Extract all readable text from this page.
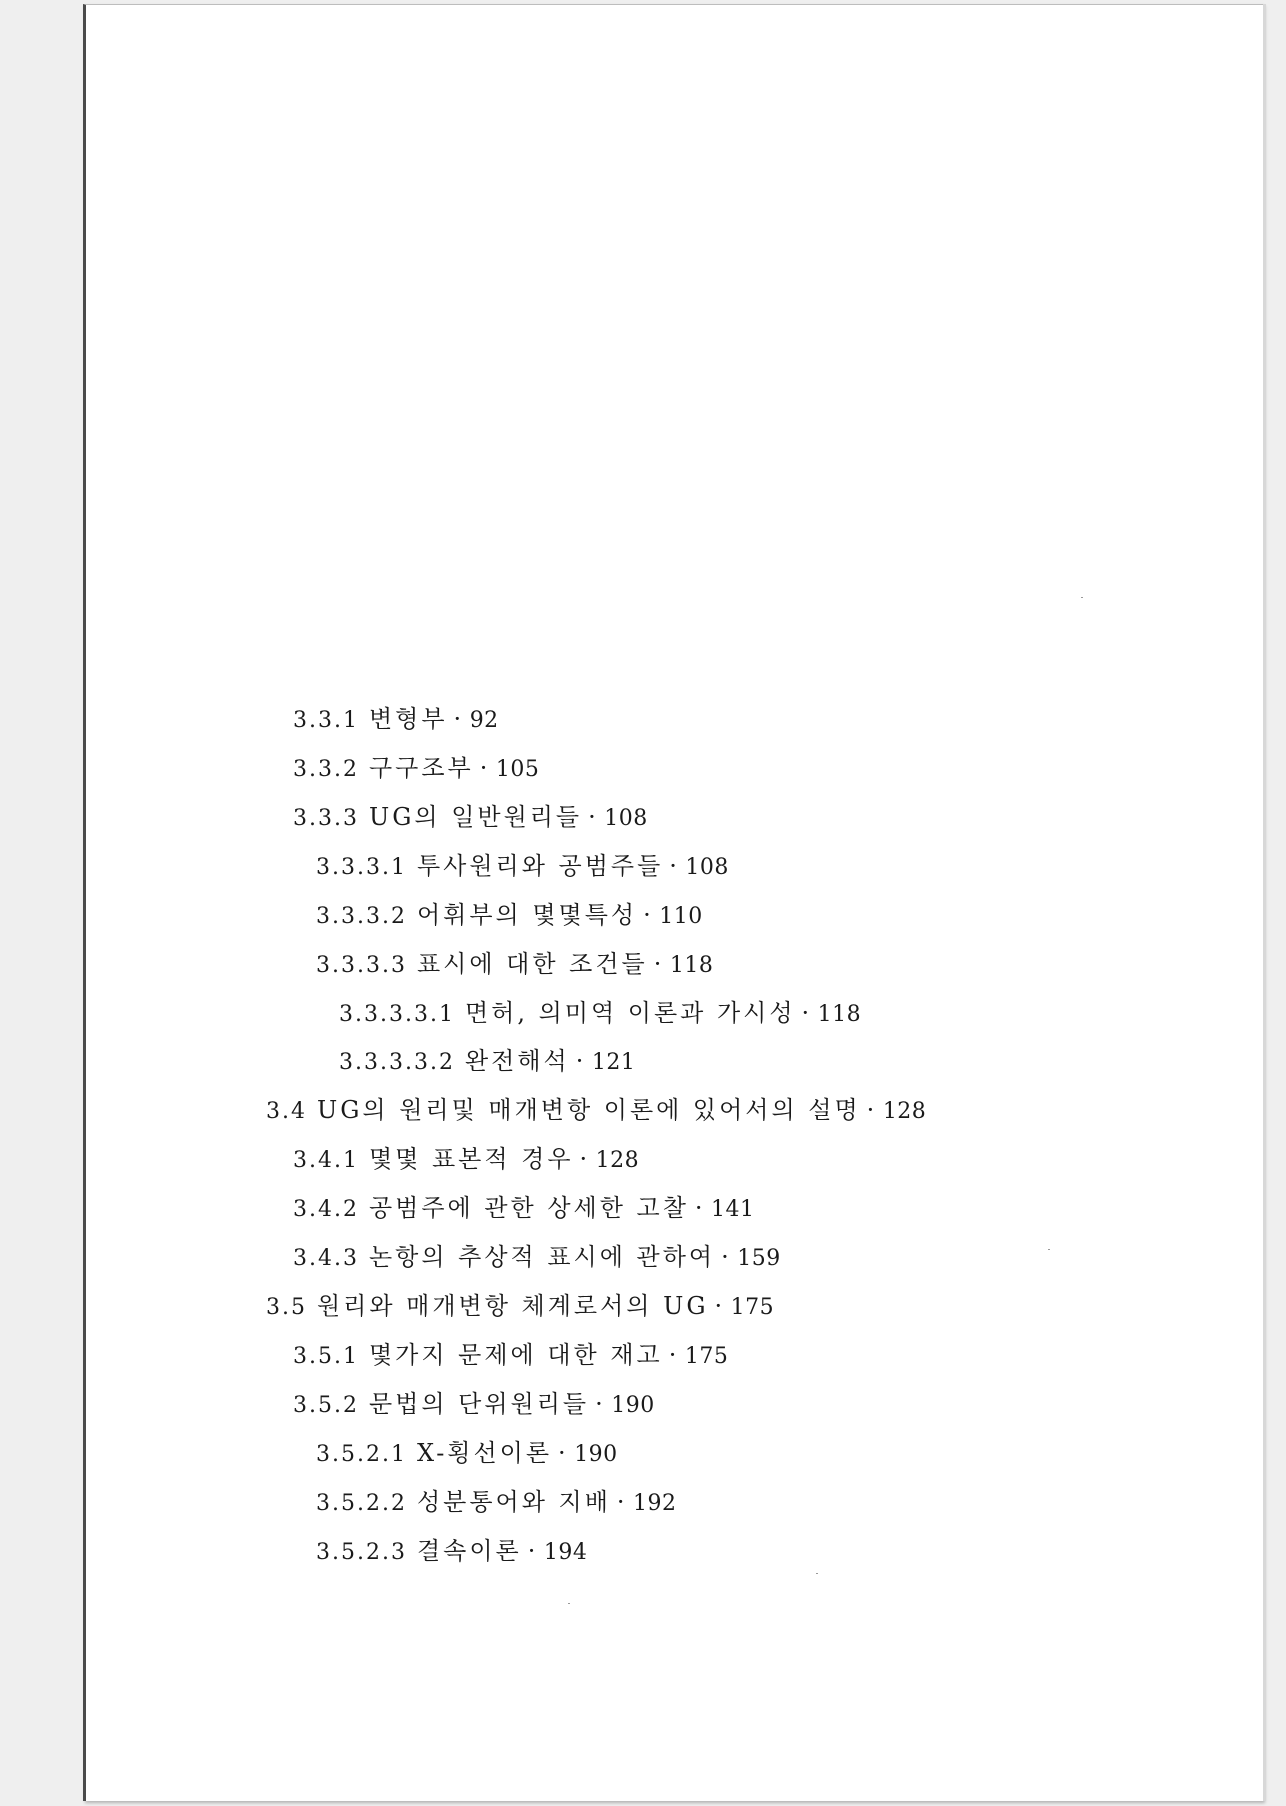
3.3.1 변형부 · 92
3.3.2 구구조부 · 105
3.3.3 UG의 일반원리들 · 108
3.3.3.1 투사원리와 공범주들 · 108
3.3.3.2 어휘부의 몇몇특성 · 110
3.3.3.3 표시에 대한 조건들 · 118
3.3.3.3.1 면허, 의미역 이론과 가시성 · 118
3.3.3.3.2 완전해석 · 121
3.4 UG의 원리및 매개변항 이론에 있어서의 설명 · 128
3.4.1 몇몇 표본적 경우 · 128
3.4.2 공범주에 관한 상세한 고찰 · 141
3.4.3 논항의 추상적 표시에 관하여 · 159
3.5 원리와 매개변항 체계로서의 UG · 175
3.5.1 몇가지 문제에 대한 재고 · 175
3.5.2 문법의 단위원리들 · 190
3.5.2.1 X-횡선이론 · 190
3.5.2.2 성분통어와 지배 · 192
3.5.2.3 결속이론 · 194
